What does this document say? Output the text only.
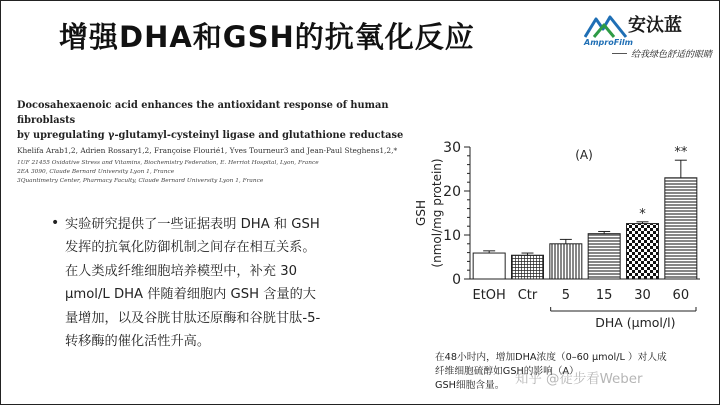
增强DHA和GSH的抗氧化反应	安汰蓝
AmproFilm
给我绿色舒适的眼睛
Docosahexaenoic acid enhances the antioxidant response of human fibroblasts
by upregulating γ-glutamyl-cysteinyl ligase and glutathione reductase
Khelifa Arab1,2, Adrien Rossary1,2, Françoise Flourié1, Yves Tourneur3 and Jean-Paul Steghens1,2,*
1UF 21455 Oxidative Stress and Vitamins, Biochemistry Federation, E. Herriot Hospital, Lyon, France
2EA 3090, Claude Bernard University Lyon 1, France
3Quantimetry Center, Pharmacy Faculty, Claude Bernard University Lyon 1, France
• 实验研究提供了一些证据表明 DHA 和 GSH
发挥的抗氧化防御机制之间存在相互关系。
在人类成纤维细胞培养模型中，补充 30
μmol/L DHA 伴随着细胞内 GSH 含量的大
量增加，以及谷胱甘肽还原酶和谷胱甘肽-5-
转移酶的催化活性升高。
0
10
20
30
GSH (nmol/mg protein)
(A)
EtOH Ctr 5 15
*
30
**
60
DHA (μmol/l)
在48小时内，增加DHA浓度（0–60 μmol/L ）对人成
纤维细胞硫醇如GSH的影响（A）
GSH细胞含量。 知乎 @徒步看Weber
